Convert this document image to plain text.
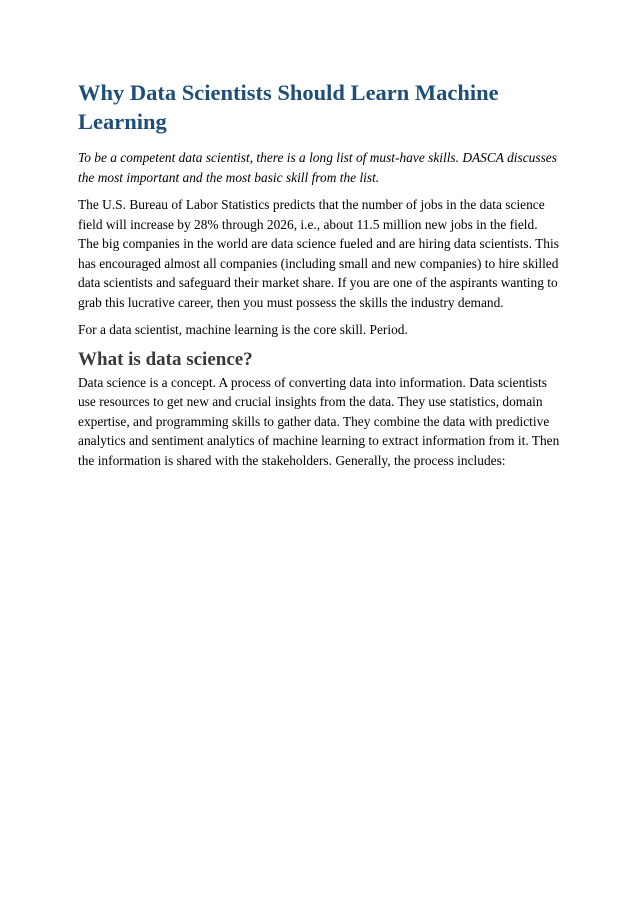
Why Data Scientists Should Learn Machine Learning

To be a competent data scientist, there is a long list of must-have skills. DASCA discusses the most important and the most basic skill from the list.

The U.S. Bureau of Labor Statistics predicts that the number of jobs in the data science field will increase by 28% through 2026, i.e., about 11.5 million new jobs in the field. The big companies in the world are data science fueled and are hiring data scientists. This has encouraged almost all companies (including small and new companies) to hire skilled data scientists and safeguard their market share. If you are one of the aspirants wanting to grab this lucrative career, then you must possess the skills the industry demand.

For a data scientist, machine learning is the core skill. Period.

What is data science?

Data science is a concept. A process of converting data into information. Data scientists use resources to get new and crucial insights from the data. They use statistics, domain expertise, and programming skills to gather data. They combine the data with predictive analytics and sentiment analytics of machine learning to extract information from it. Then the information is shared with the stakeholders. Generally, the process includes:
